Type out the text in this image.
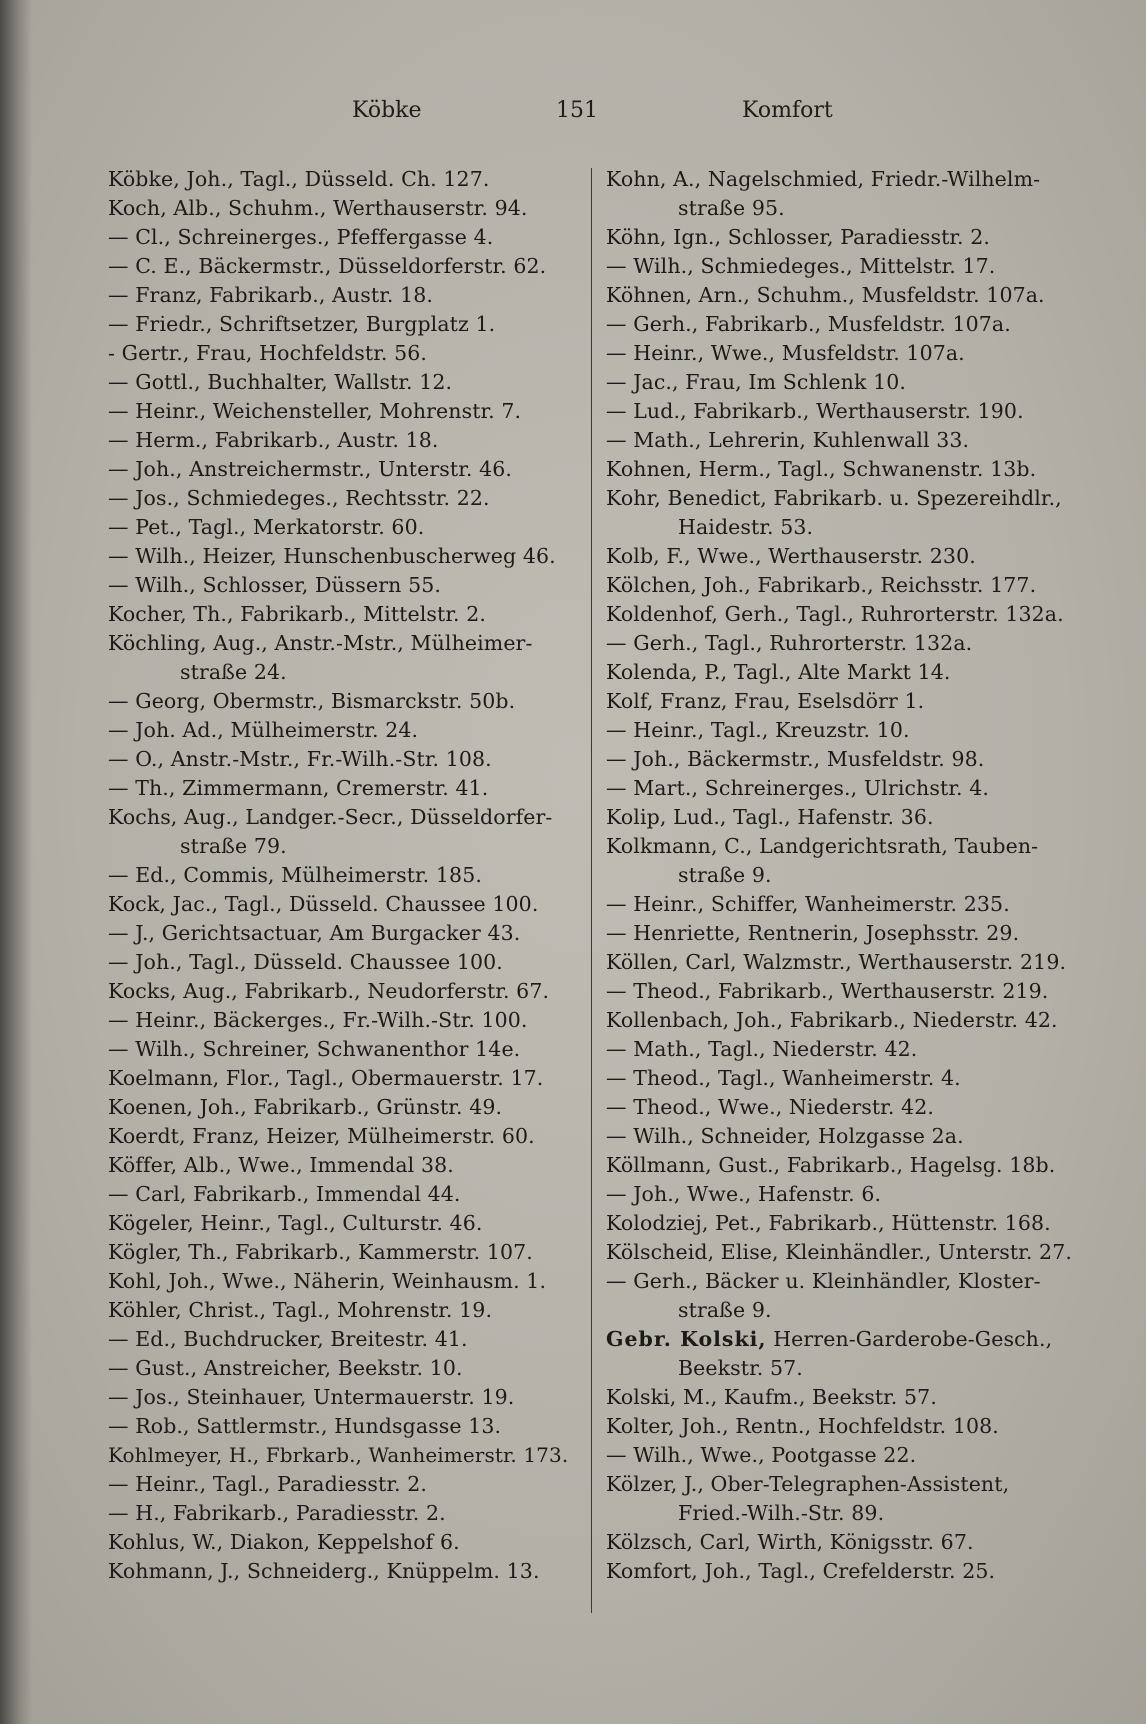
Köbke	151	Komfort
Köbke, Joh., Tagl., Düsseld. Ch. 127.
Koch, Alb., Schuhm., Werthauserstr. 94.
— Cl., Schreinerges., Pfeffergasse 4.
— C. E., Bäckermstr., Düsseldorferstr. 62.
— Franz, Fabrikarb., Austr. 18.
— Friedr., Schriftsetzer, Burgplatz 1.
- Gertr., Frau, Hochfeldstr. 56.
— Gottl., Buchhalter, Wallstr. 12.
— Heinr., Weichensteller, Mohrenstr. 7.
— Herm., Fabrikarb., Austr. 18.
— Joh., Anstreichermstr., Unterstr. 46.
— Jos., Schmiedeges., Rechtsstr. 22.
— Pet., Tagl., Merkatorstr. 60.
— Wilh., Heizer, Hunschenbuscherweg 46.
— Wilh., Schlosser, Düssern 55.
Kocher, Th., Fabrikarb., Mittelstr. 2.
Köchling, Aug., Anstr.-Mstr., Mülheimer-
straße 24.
— Georg, Obermstr., Bismarckstr. 50b.
— Joh. Ad., Mülheimerstr. 24.
— O., Anstr.-Mstr., Fr.-Wilh.-Str. 108.
— Th., Zimmermann, Cremerstr. 41.
Kochs, Aug., Landger.-Secr., Düsseldorfer-
straße 79.
— Ed., Commis, Mülheimerstr. 185.
Kock, Jac., Tagl., Düsseld. Chaussee 100.
— J., Gerichtsactuar, Am Burgacker 43.
— Joh., Tagl., Düsseld. Chaussee 100.
Kocks, Aug., Fabrikarb., Neudorferstr. 67.
— Heinr., Bäckerges., Fr.-Wilh.-Str. 100.
— Wilh., Schreiner, Schwanenthor 14e.
Koelmann, Flor., Tagl., Obermauerstr. 17.
Koenen, Joh., Fabrikarb., Grünstr. 49.
Koerdt, Franz, Heizer, Mülheimerstr. 60.
Köffer, Alb., Wwe., Immendal 38.
— Carl, Fabrikarb., Immendal 44.
Kögeler, Heinr., Tagl., Culturstr. 46.
Kögler, Th., Fabrikarb., Kammerstr. 107.
Kohl, Joh., Wwe., Näherin, Weinhausm. 1.
Köhler, Christ., Tagl., Mohrenstr. 19.
— Ed., Buchdrucker, Breitestr. 41.
— Gust., Anstreicher, Beekstr. 10.
— Jos., Steinhauer, Untermauerstr. 19.
— Rob., Sattlermstr., Hundsgasse 13.
Kohlmeyer, H., Fbrkarb., Wanheimerstr. 173.
— Heinr., Tagl., Paradiesstr. 2.
— H., Fabrikarb., Paradiesstr. 2.
Kohlus, W., Diakon, Keppelshof 6.
Kohmann, J., Schneiderg., Knüppelm. 13.
Kohn, A., Nagelschmied, Friedr.-Wilhelm-
straße 95.
Köhn, Ign., Schlosser, Paradiesstr. 2.
— Wilh., Schmiedeges., Mittelstr. 17.
Köhnen, Arn., Schuhm., Musfeldstr. 107a.
— Gerh., Fabrikarb., Musfeldstr. 107a.
— Heinr., Wwe., Musfeldstr. 107a.
— Jac., Frau, Im Schlenk 10.
— Lud., Fabrikarb., Werthauserstr. 190.
— Math., Lehrerin, Kuhlenwall 33.
Kohnen, Herm., Tagl., Schwanenstr. 13b.
Kohr, Benedict, Fabrikarb. u. Spezereihdlr.,
Haidestr. 53.
Kolb, F., Wwe., Werthauserstr. 230.
Kölchen, Joh., Fabrikarb., Reichsstr. 177.
Koldenhof, Gerh., Tagl., Ruhrorterstr. 132a.
— Gerh., Tagl., Ruhrorterstr. 132a.
Kolenda, P., Tagl., Alte Markt 14.
Kolf, Franz, Frau, Eselsdörr 1.
— Heinr., Tagl., Kreuzstr. 10.
— Joh., Bäckermstr., Musfeldstr. 98.
— Mart., Schreinerges., Ulrichstr. 4.
Kolip, Lud., Tagl., Hafenstr. 36.
Kolkmann, C., Landgerichtsrath, Tauben-
straße 9.
— Heinr., Schiffer, Wanheimerstr. 235.
— Henriette, Rentnerin, Josephsstr. 29.
Köllen, Carl, Walzmstr., Werthauserstr. 219.
— Theod., Fabrikarb., Werthauserstr. 219.
Kollenbach, Joh., Fabrikarb., Niederstr. 42.
— Math., Tagl., Niederstr. 42.
— Theod., Tagl., Wanheimerstr. 4.
— Theod., Wwe., Niederstr. 42.
— Wilh., Schneider, Holzgasse 2a.
Köllmann, Gust., Fabrikarb., Hagelsg. 18b.
— Joh., Wwe., Hafenstr. 6.
Kolodziej, Pet., Fabrikarb., Hüttenstr. 168.
Kölscheid, Elise, Kleinhändler., Unterstr. 27.
— Gerh., Bäcker u. Kleinhändler, Kloster-
straße 9.
Gebr. Kolski, Herren-Garderobe-Gesch.,
Beekstr. 57.
Kolski, M., Kaufm., Beekstr. 57.
Kolter, Joh., Rentn., Hochfeldstr. 108.
— Wilh., Wwe., Pootgasse 22.
Kölzer, J., Ober-Telegraphen-Assistent,
Fried.-Wilh.-Str. 89.
Kölzsch, Carl, Wirth, Königsstr. 67.
Komfort, Joh., Tagl., Crefelderstr. 25.
